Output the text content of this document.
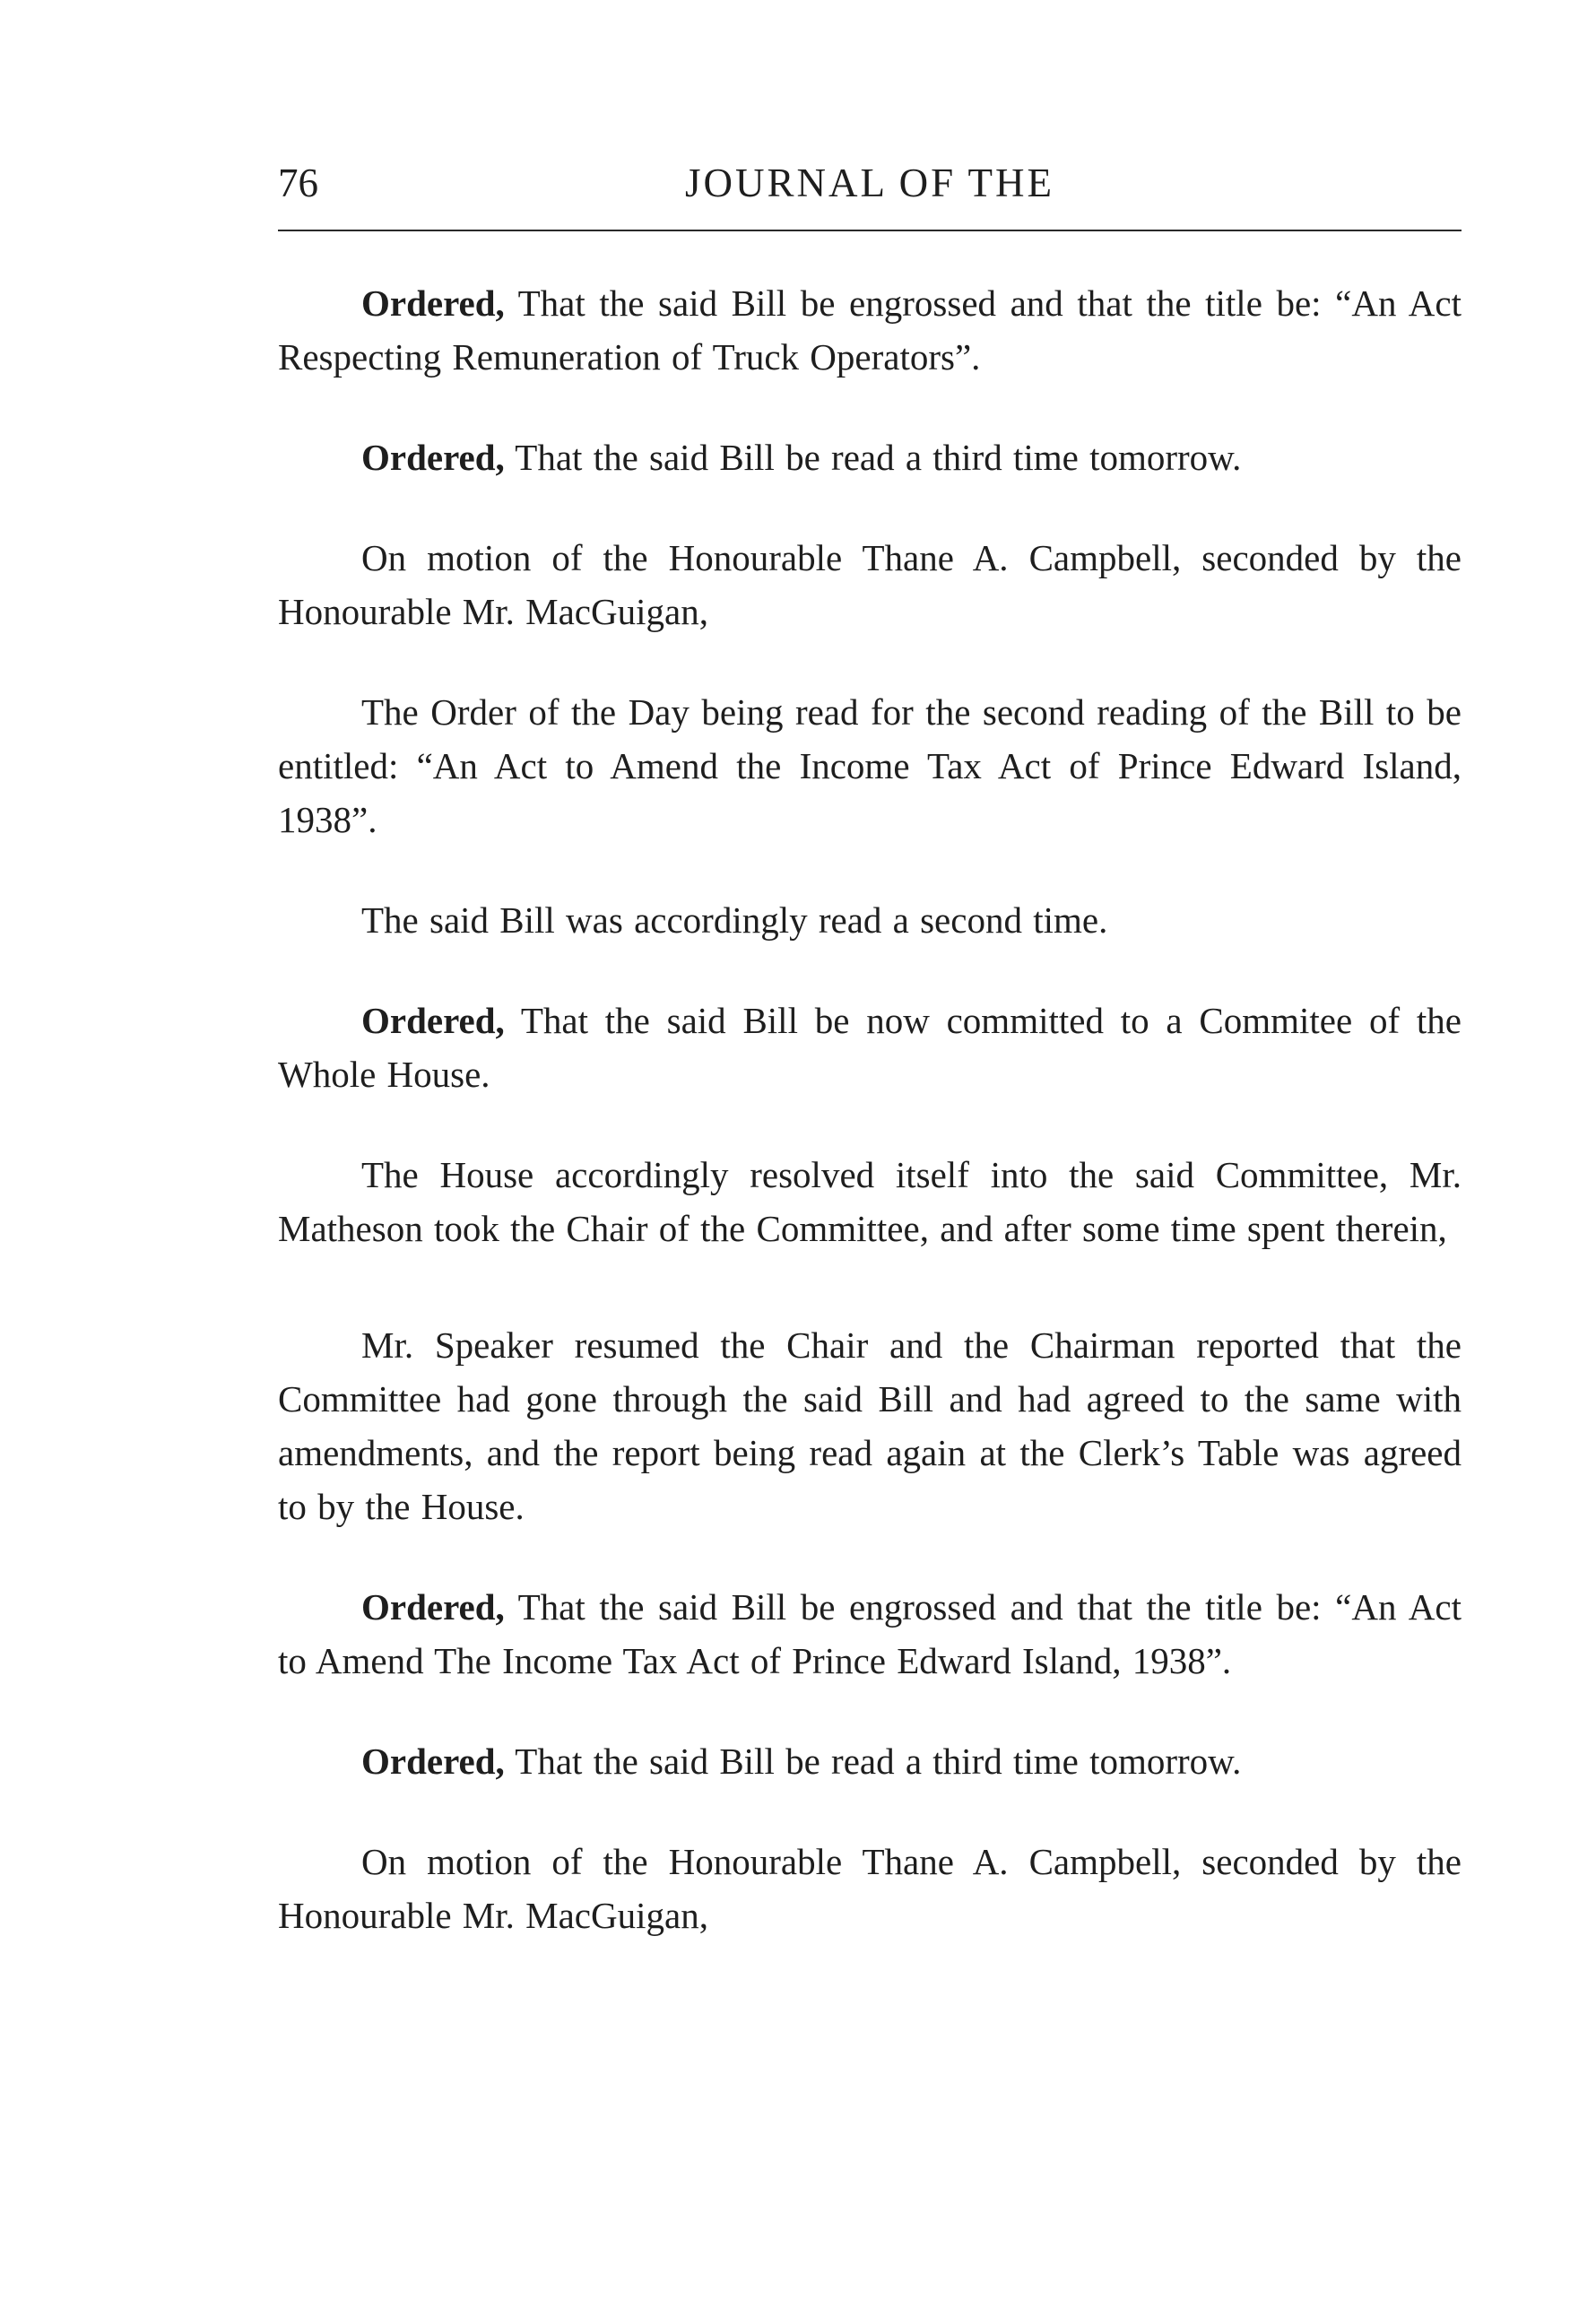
76	JOURNAL OF THE

Ordered, That the said Bill be engrossed and that the title be: “An Act Respecting Remuneration of Truck Operators”.

Ordered, That the said Bill be read a third time tomorrow.

On motion of the Honourable Thane A. Campbell, seconded by the Honourable Mr. MacGuigan,

The Order of the Day being read for the second reading of the Bill to be entitled: “An Act to Amend the Income Tax Act of Prince Edward Island, 1938”.

The said Bill was accordingly read a second time.

Ordered, That the said Bill be now committed to a Commitee of the Whole House.

The House accordingly resolved itself into the said Committee, Mr. Matheson took the Chair of the Committee, and after some time spent therein,

Mr. Speaker resumed the Chair and the Chairman reported that the Committee had gone through the said Bill and had agreed to the same with amendments, and the report being read again at the Clerk’s Table was agreed to by the House.

Ordered, That the said Bill be engrossed and that the title be: “An Act to Amend The Income Tax Act of Prince Edward Island, 1938”.

Ordered, That the said Bill be read a third time tomorrow.

On motion of the Honourable Thane A. Campbell, seconded by the Honourable Mr. MacGuigan,
